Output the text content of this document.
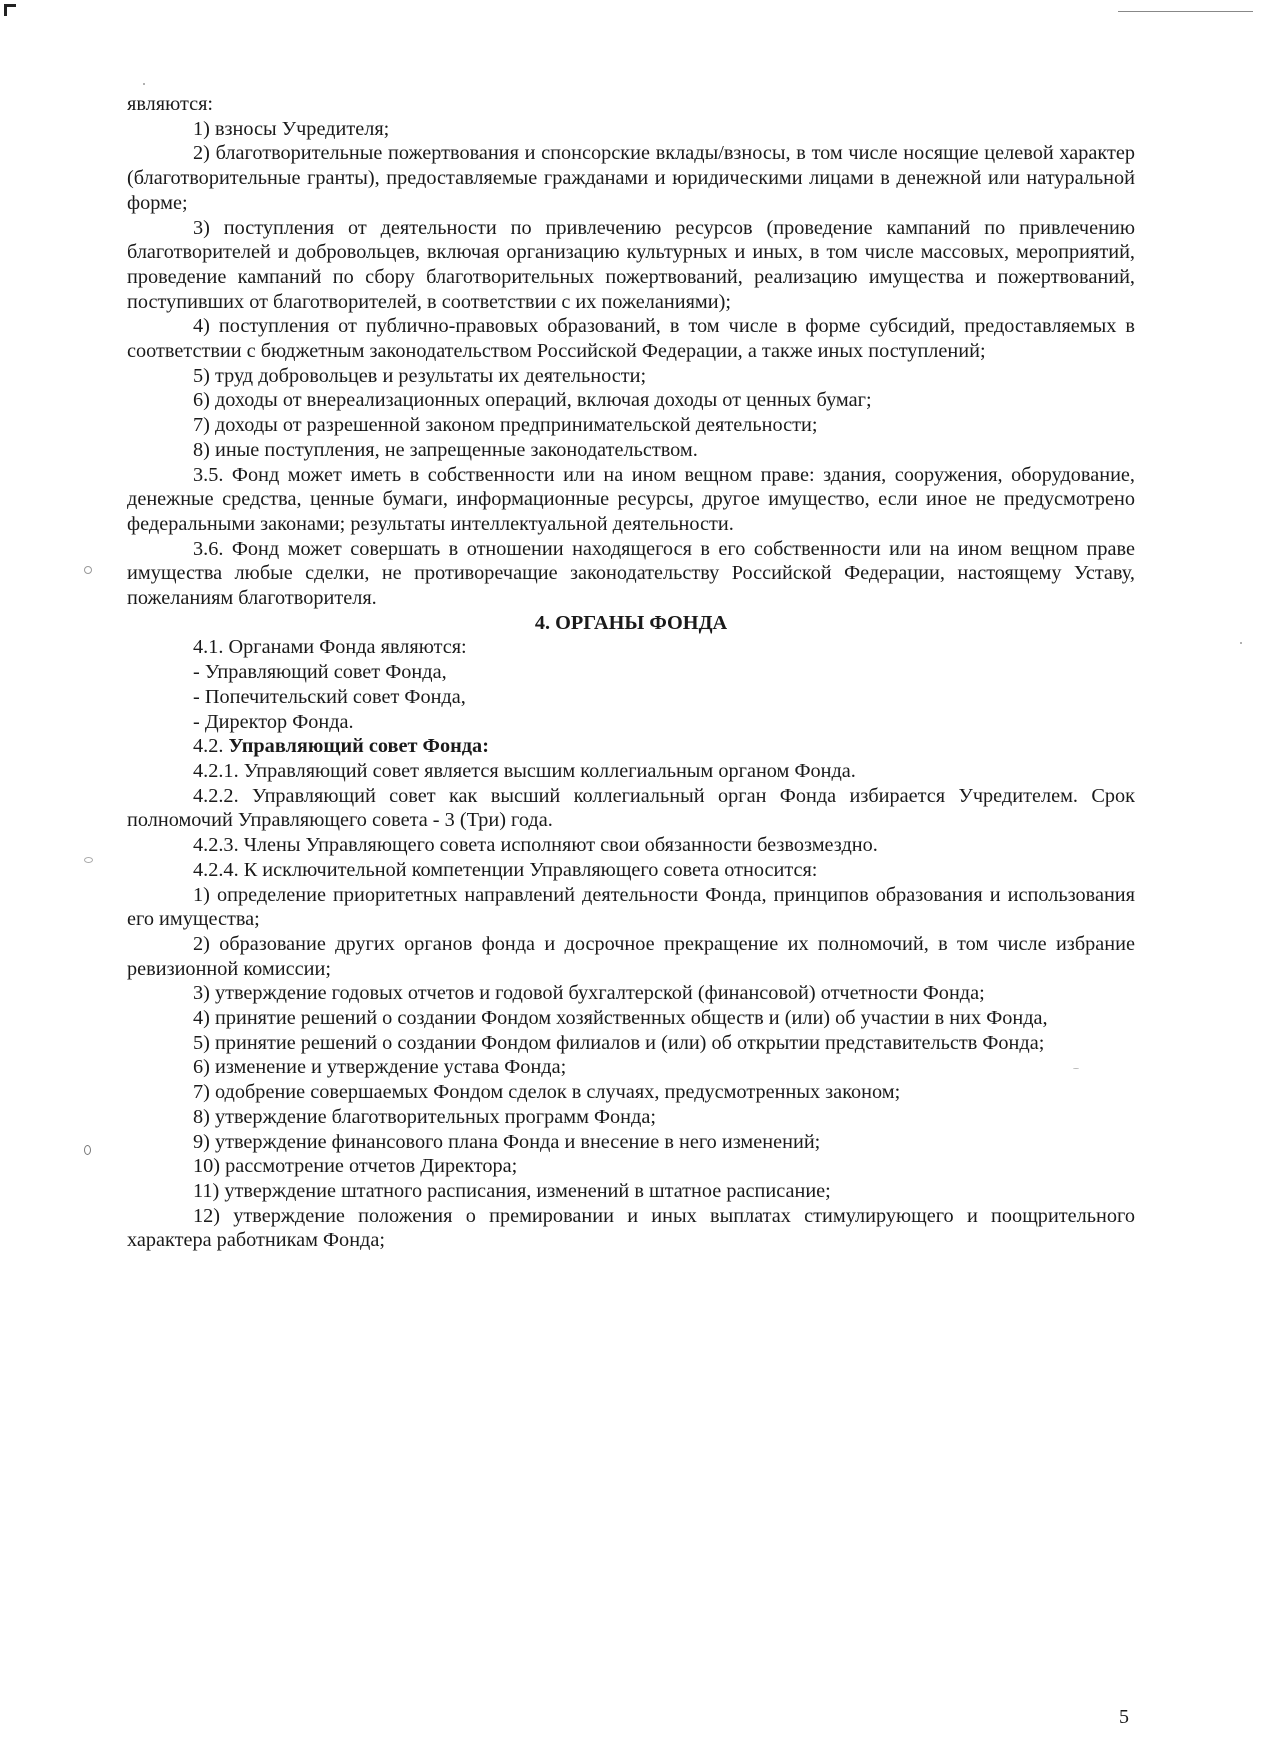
являются:

1) взносы Учредителя;

2) благотворительные пожертвования и спонсорские вклады/взносы, в том числе носящие целевой характер (благотворительные гранты), предоставляемые гражданами и юридическими лицами в денежной или натуральной форме;

3) поступления от деятельности по привлечению ресурсов (проведение кампаний по привлечению благотворителей и добровольцев, включая организацию культурных и иных, в том числе массовых, мероприятий, проведение кампаний по сбору благотворительных пожертвований, реализацию имущества и пожертвований, поступивших от благотворителей, в соответствии с их пожеланиями);

4) поступления от публично-правовых образований, в том числе в форме субсидий, предоставляемых в соответствии с бюджетным законодательством Российской Федерации, а также иных поступлений;

5) труд добровольцев и результаты их деятельности;

6) доходы от внереализационных операций, включая доходы от ценных бумаг;

7) доходы от разрешенной законом предпринимательской деятельности;

8) иные поступления, не запрещенные законодательством.

3.5. Фонд может иметь в собственности или на ином вещном праве: здания, сооружения, оборудование, денежные средства, ценные бумаги, информационные ресурсы, другое имущество, если иное не предусмотрено федеральными законами; результаты интеллектуальной деятельности.

3.6. Фонд может совершать в отношении находящегося в его собственности или на ином вещном праве имущества любые сделки, не противоречащие законодательству Российской Федерации, настоящему Уставу, пожеланиям благотворителя.

4. ОРГАНЫ ФОНДА

4.1. Органами Фонда являются:

- Управляющий совет Фонда,

- Попечительский совет Фонда,

- Директор Фонда.

4.2. Управляющий совет Фонда:

4.2.1. Управляющий совет является высшим коллегиальным органом Фонда.

4.2.2. Управляющий совет как высший коллегиальный орган Фонда избирается Учредителем. Срок полномочий Управляющего совета - 3 (Три) года.

4.2.3. Члены Управляющего совета исполняют свои обязанности безвозмездно.

4.2.4. К исключительной компетенции Управляющего совета относится:

1) определение приоритетных направлений деятельности Фонда, принципов образования и использования его имущества;

2) образование других органов фонда и досрочное прекращение их полномочий, в том числе избрание ревизионной комиссии;

3) утверждение годовых отчетов и годовой бухгалтерской (финансовой) отчетности Фонда;

4) принятие решений о создании Фондом хозяйственных обществ и (или) об участии в них Фонда,

5) принятие решений о создании Фондом филиалов и (или) об открытии представительств Фонда;

6) изменение и утверждение устава Фонда;

7) одобрение совершаемых Фондом сделок в случаях, предусмотренных законом;

8) утверждение благотворительных программ Фонда;

9) утверждение финансового плана Фонда и внесение в него изменений;

10) рассмотрение отчетов Директора;

11) утверждение штатного расписания, изменений в штатное расписание;

12) утверждение положения о премировании и иных выплатах стимулирующего и поощрительного характера работникам Фонда;

5
